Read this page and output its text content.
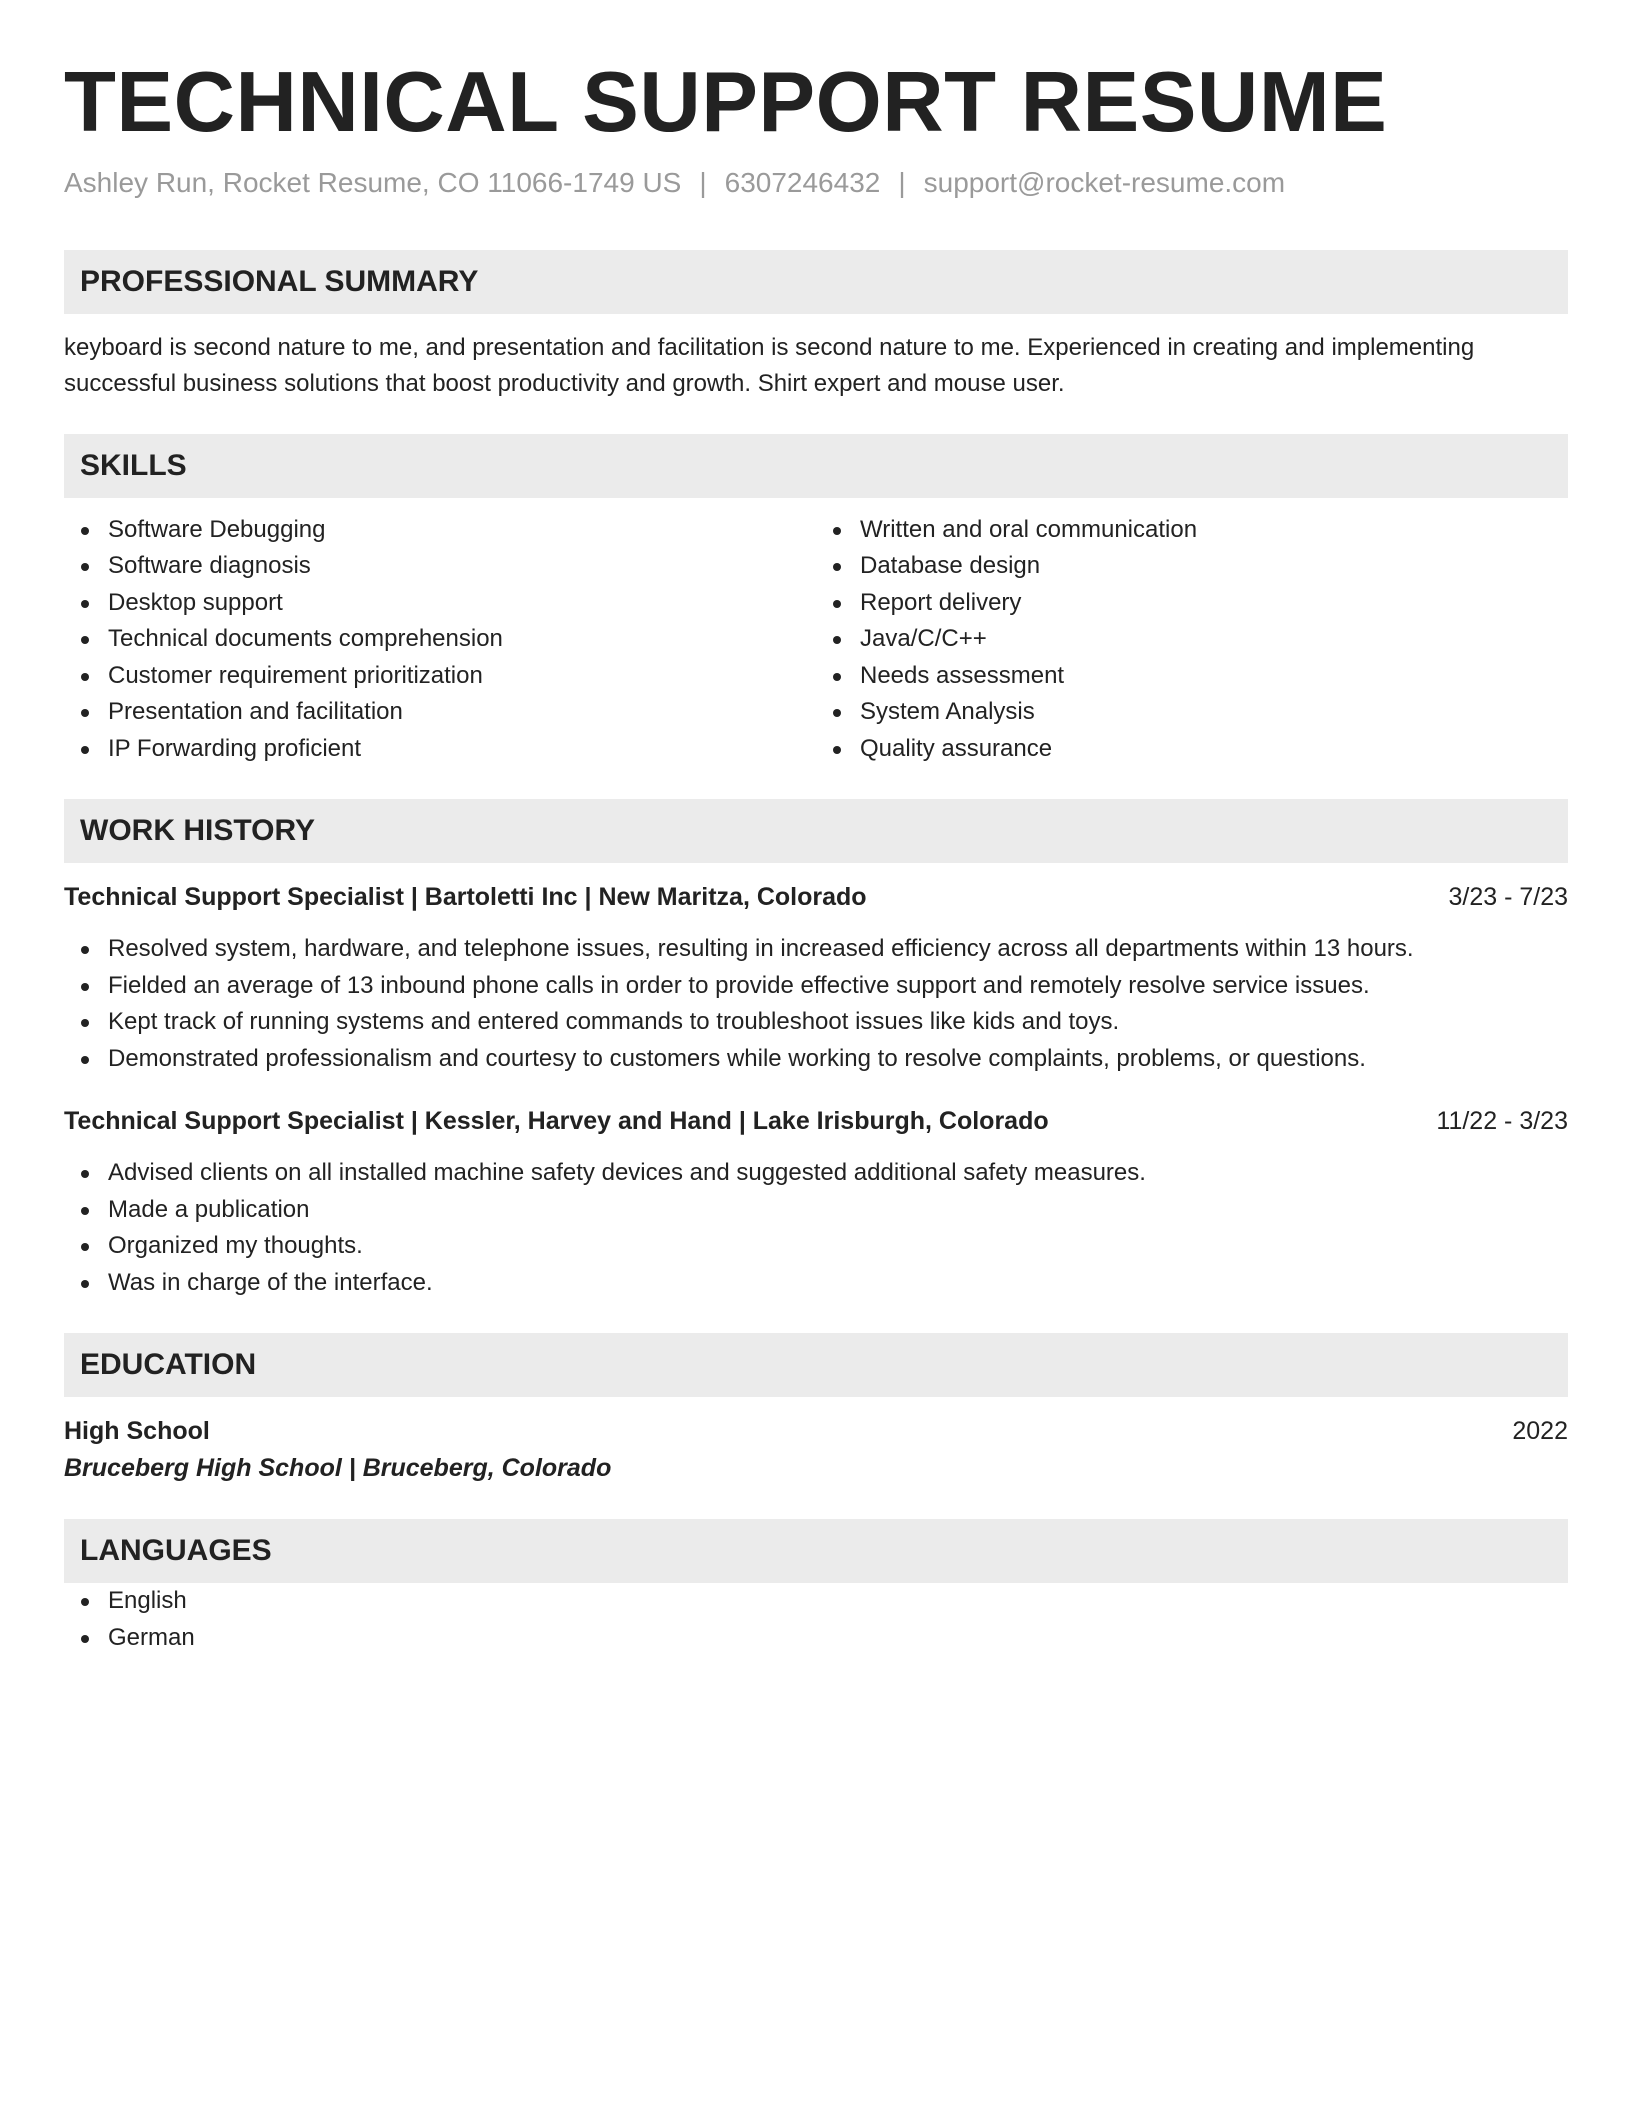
TECHNICAL SUPPORT RESUME
Ashley Run, Rocket Resume, CO 11066-1749 US | 6307246432 | support@rocket-resume.com
PROFESSIONAL SUMMARY
keyboard is second nature to me, and presentation and facilitation is second nature to me. Experienced in creating and implementing successful business solutions that boost productivity and growth. Shirt expert and mouse user.
SKILLS
Software Debugging
Software diagnosis
Desktop support
Technical documents comprehension
Customer requirement prioritization
Presentation and facilitation
IP Forwarding proficient
Written and oral communication
Database design
Report delivery
Java/C/C++
Needs assessment
System Analysis
Quality assurance
WORK HISTORY
Technical Support Specialist | Bartoletti Inc | New Maritza, Colorado	3/23 - 7/23
Resolved system, hardware, and telephone issues, resulting in increased efficiency across all departments within 13 hours.
Fielded an average of 13 inbound phone calls in order to provide effective support and remotely resolve service issues.
Kept track of running systems and entered commands to troubleshoot issues like kids and toys.
Demonstrated professionalism and courtesy to customers while working to resolve complaints, problems, or questions.
Technical Support Specialist | Kessler, Harvey and Hand | Lake Irisburgh, Colorado	11/22 - 3/23
Advised clients on all installed machine safety devices and suggested additional safety measures.
Made a publication
Organized my thoughts.
Was in charge of the interface.
EDUCATION
High School	2022
Bruceberg High School | Bruceberg, Colorado
LANGUAGES
English
German
